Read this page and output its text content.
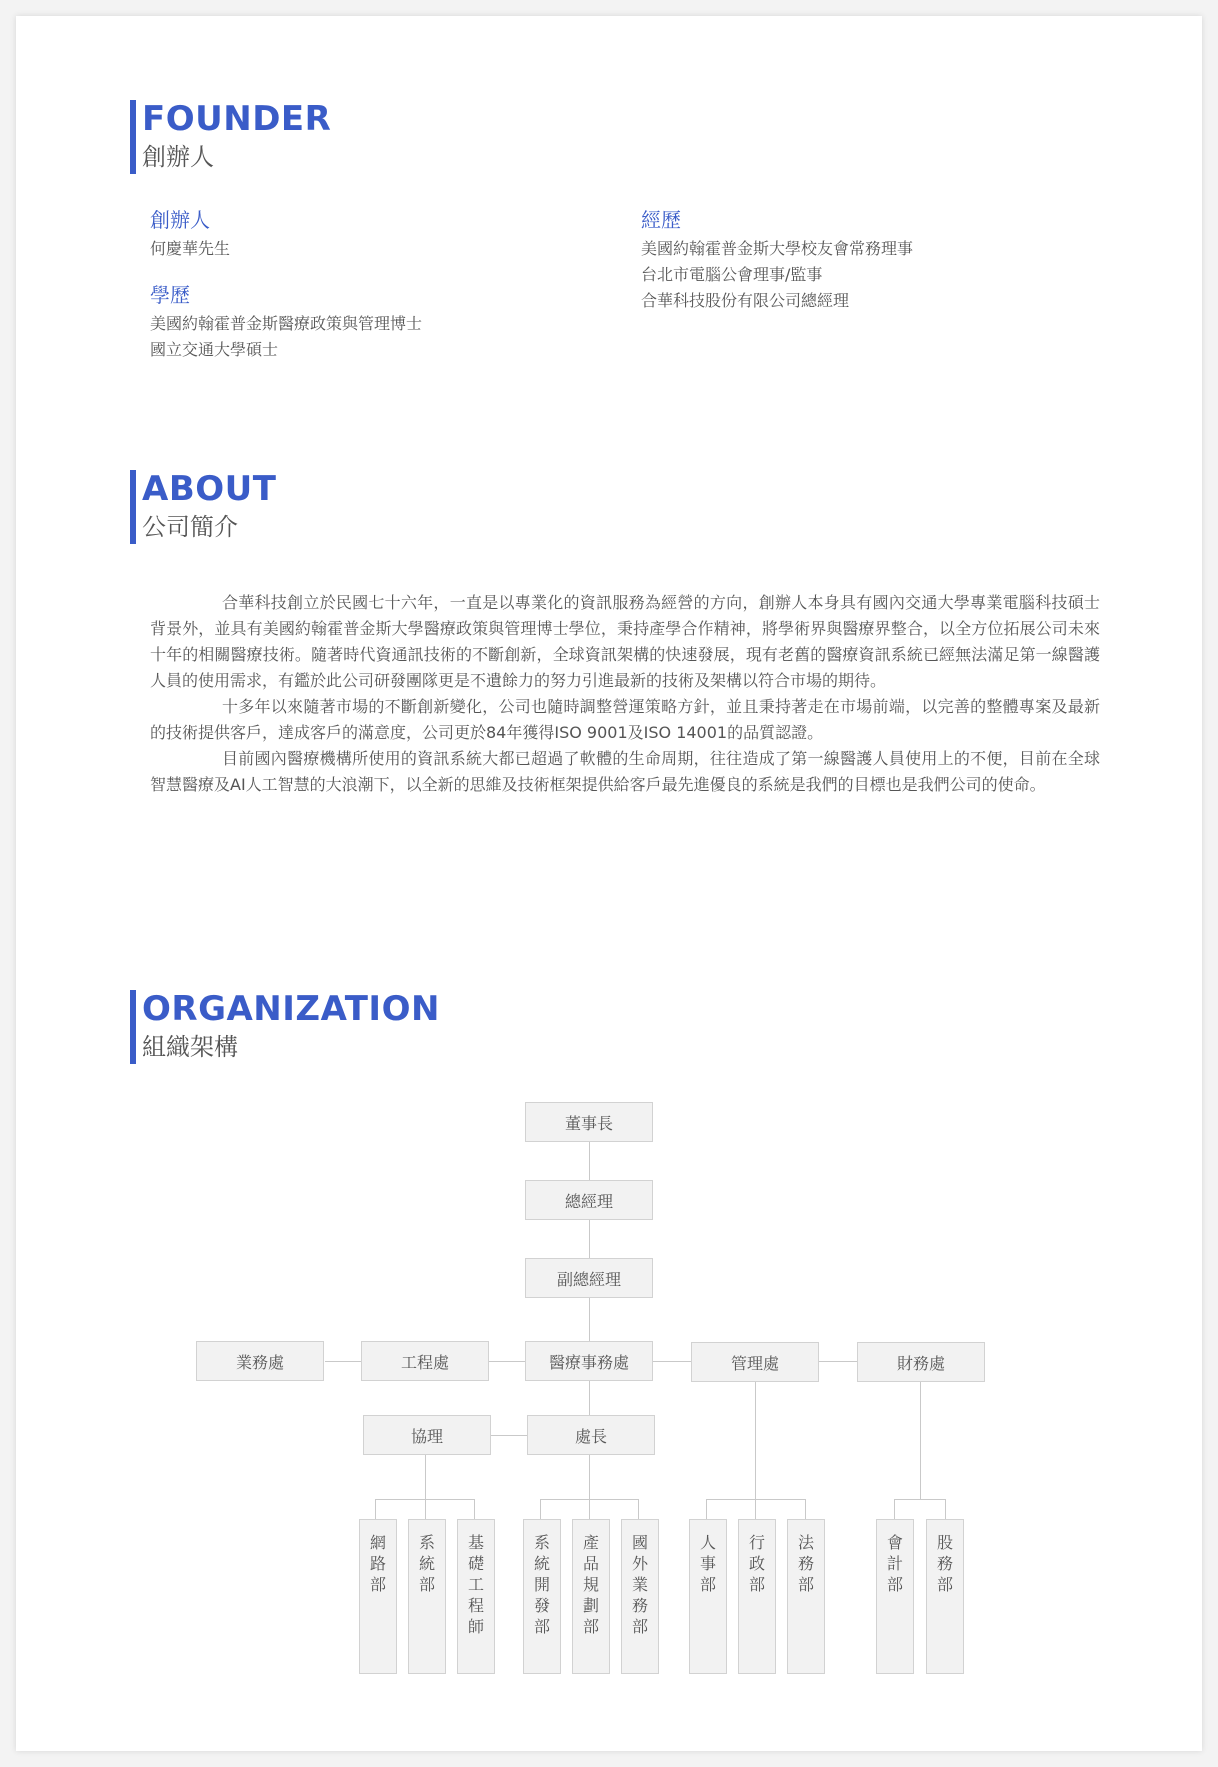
FOUNDER
創辦人
創辦人
何慶華先生
學歷
美國約翰霍普金斯醫療政策與管理博士
國立交通大學碩士
經歷
美國約翰霍普金斯大學校友會常務理事
台北市電腦公會理事/監事
合華科技股份有限公司總經理
ABOUT
公司簡介

合華科技創立於民國七十六年，一直是以專業化的資訊服務為經營的方向，創辦人本身具有國內交通大學專業電腦科技碩士背景外，並具有美國約翰霍普金斯大學醫療政策與管理博士學位，秉持產學合作精神，將學術界與醫療界整合，以全方位拓展公司未來十年的相關醫療技術。隨著時代資通訊技術的不斷創新，全球資訊架構的快速發展，現有老舊的醫療資訊系統已經無法滿足第一線醫護人員的使用需求，有鑑於此公司研發團隊更是不遺餘力的努力引進最新的技術及架構以符合市場的期待。

十多年以來隨著市場的不斷創新變化，公司也隨時調整營運策略方針，並且秉持著走在市場前端，以完善的整體專案及最新的技術提供客戶，達成客戶的滿意度，公司更於84年獲得ISO 9001及ISO 14001的品質認證。

目前國內醫療機構所使用的資訊系統大都已超過了軟體的生命周期，往往造成了第一線醫護人員使用上的不便，目前在全球智慧醫療及AI人工智慧的大浪潮下，以全新的思維及技術框架提供給客戶最先進優良的系統是我們的目標也是我們公司的使命。

ORGANIZATION
組織架構
董事長
總經理
副總經理
業務處	工程處	醫療事務處	管理處	財務處
協理	處長
網
路
部
系
統
部
基
礎
工
程
師
系
統
開
發
部
產
品
規
劃
部
國
外
業
務
部
人
事
部
行
政
部
法
務
部
會
計
部
股
務
部
